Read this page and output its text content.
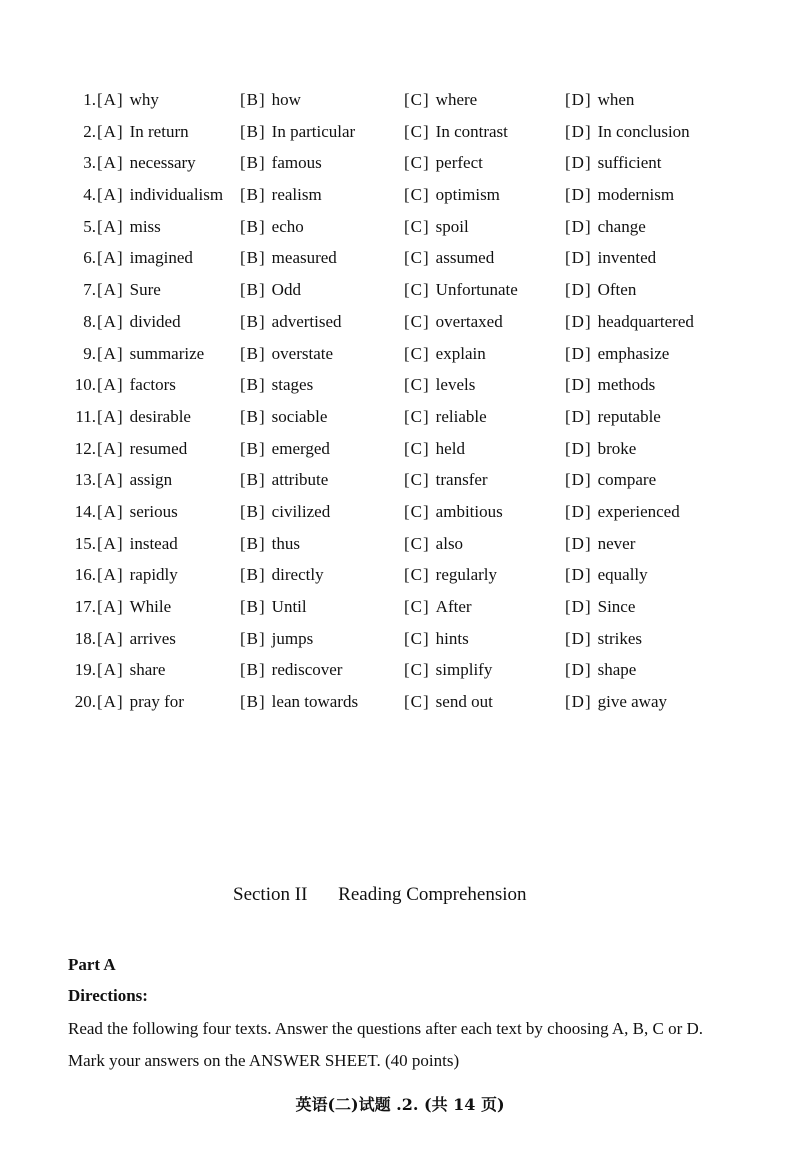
1. [A] why	[B] how	[C] where	[D] when
2. [A] In return	[B] In particular	[C] In contrast	[D] In conclusion
3. [A] necessary	[B] famous	[C] perfect	[D] sufficient
4. [A] individualism [B] realism	[C] optimism	[D] modernism
5. [A] miss	[B] echo	[C] spoil	[D] change
6. [A] imagined	[B] measured	[C] assumed	[D] invented
7. [A] Sure	[B] Odd	[C] Unfortunate	[D] Often
8. [A] divided	[B] advertised	[C] overtaxed	[D] headquartered
9. [A] summarize [B] overstate	[C] explain	[D] emphasize
10. [A] factors	[B] stages	[C] levels	[D] methods
11. [A] desirable	[B] sociable	[C] reliable	[D] reputable
12. [A] resumed	[B] emerged	[C] held	[D] broke
13. [A] assign	[B] attribute	[C] transfer	[D] compare
14. [A] serious	[B] civilized	[C] ambitious	[D] experienced
15. [A] instead	[B] thus	[C] also	[D] never
16. [A] rapidly	[B] directly	[C] regularly	[D] equally
17. [A] While	[B] Until	[C] After	[D] Since
18. [A] arrives	[B] jumps	[C] hints	[D] strikes
19. [A] share	[B] rediscover	[C] simplify	[D] shape
20. [A] pray for	[B] lean towards	[C] send out	[D] give away
Section II Reading Comprehension
Part A
Directions:
Read the following four texts. Answer the questions after each text by choosing A, B, C or D. Mark your answers on the ANSWER SHEET. (40 points)
英语(二)试题 .2. (共 14 页)
